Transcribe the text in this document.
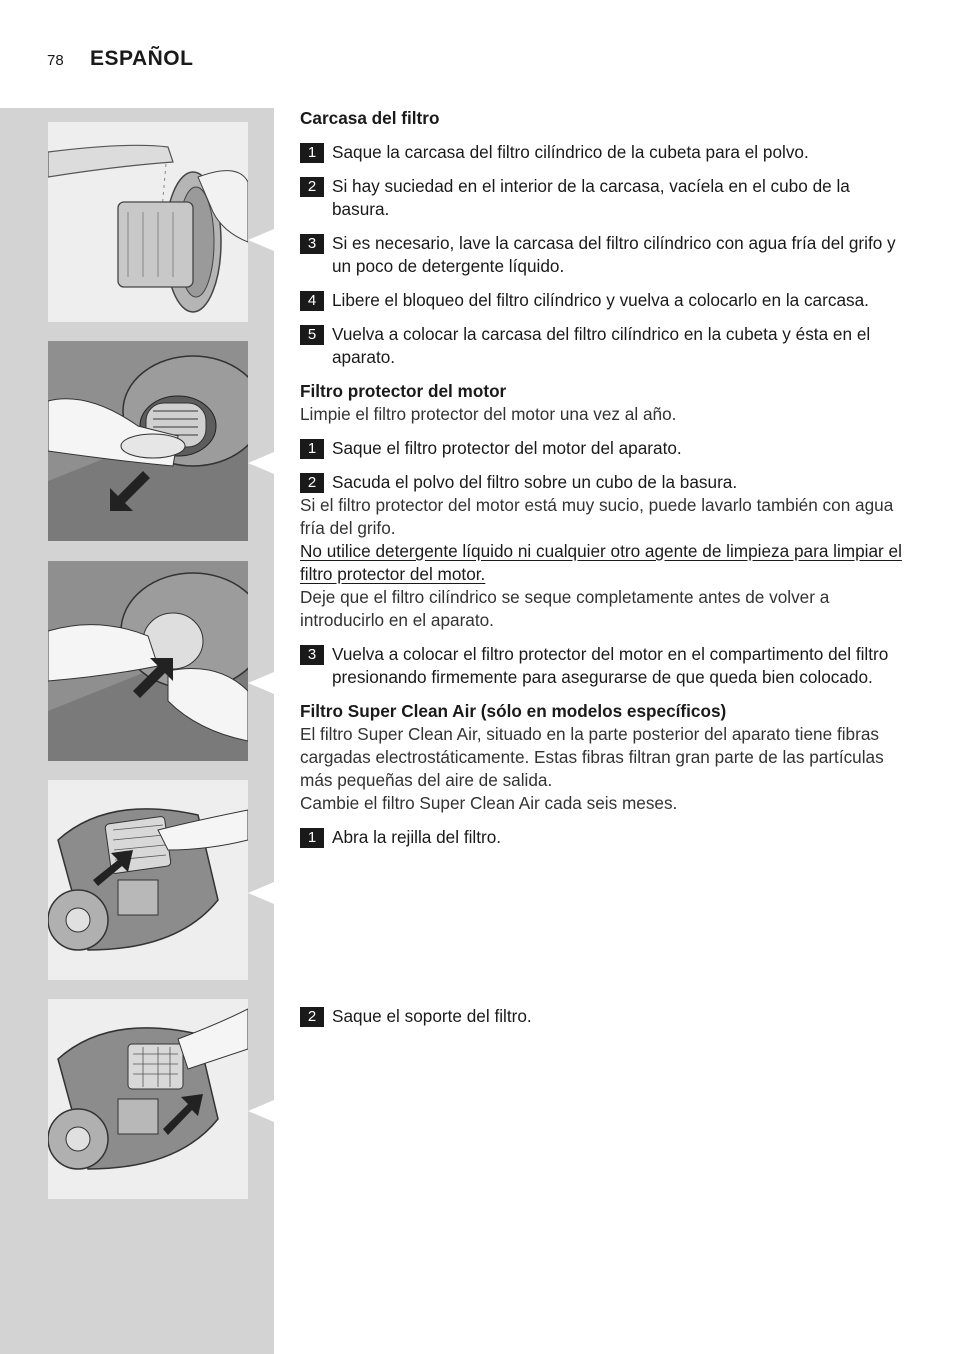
78 ESPAÑOL

Carcasa del filtro

1 Saque la carcasa del filtro cilíndrico de la cubeta para el polvo.
2 Si hay suciedad en el interior de la carcasa, vacíela en el cubo de la basura.
3 Si es necesario, lave la carcasa del filtro cilíndrico con agua fría del grifo y un poco de detergente líquido.
4 Libere el bloqueo del filtro cilíndrico y vuelva a colocarlo en la carcasa.
5 Vuelva a colocar la carcasa del filtro cilíndrico en la cubeta y ésta en el aparato.

Filtro protector del motor

Limpie el filtro protector del motor una vez al año.

1 Saque el filtro protector del motor del aparato.
2 Sacuda el polvo del filtro sobre un cubo de la basura.

Si el filtro protector del motor está muy sucio, puede lavarlo también con agua fría del grifo.

No utilice detergente líquido ni cualquier otro agente de limpieza para limpiar el filtro protector del motor.

Deje que el filtro cilíndrico se seque completamente antes de volver a introducirlo en el aparato.

3 Vuelva a colocar el filtro protector del motor en el compartimento del filtro presionando firmemente para asegurarse de que queda bien colocado.

Filtro Super Clean Air (sólo en modelos específicos)

El filtro Super Clean Air, situado en la parte posterior del aparato tiene fibras cargadas electrostáticamente. Estas fibras filtran gran parte de las partículas más pequeñas del aire de salida.

Cambie el filtro Super Clean Air cada seis meses.

1 Abra la rejilla del filtro.
2 Saque el soporte del filtro.
